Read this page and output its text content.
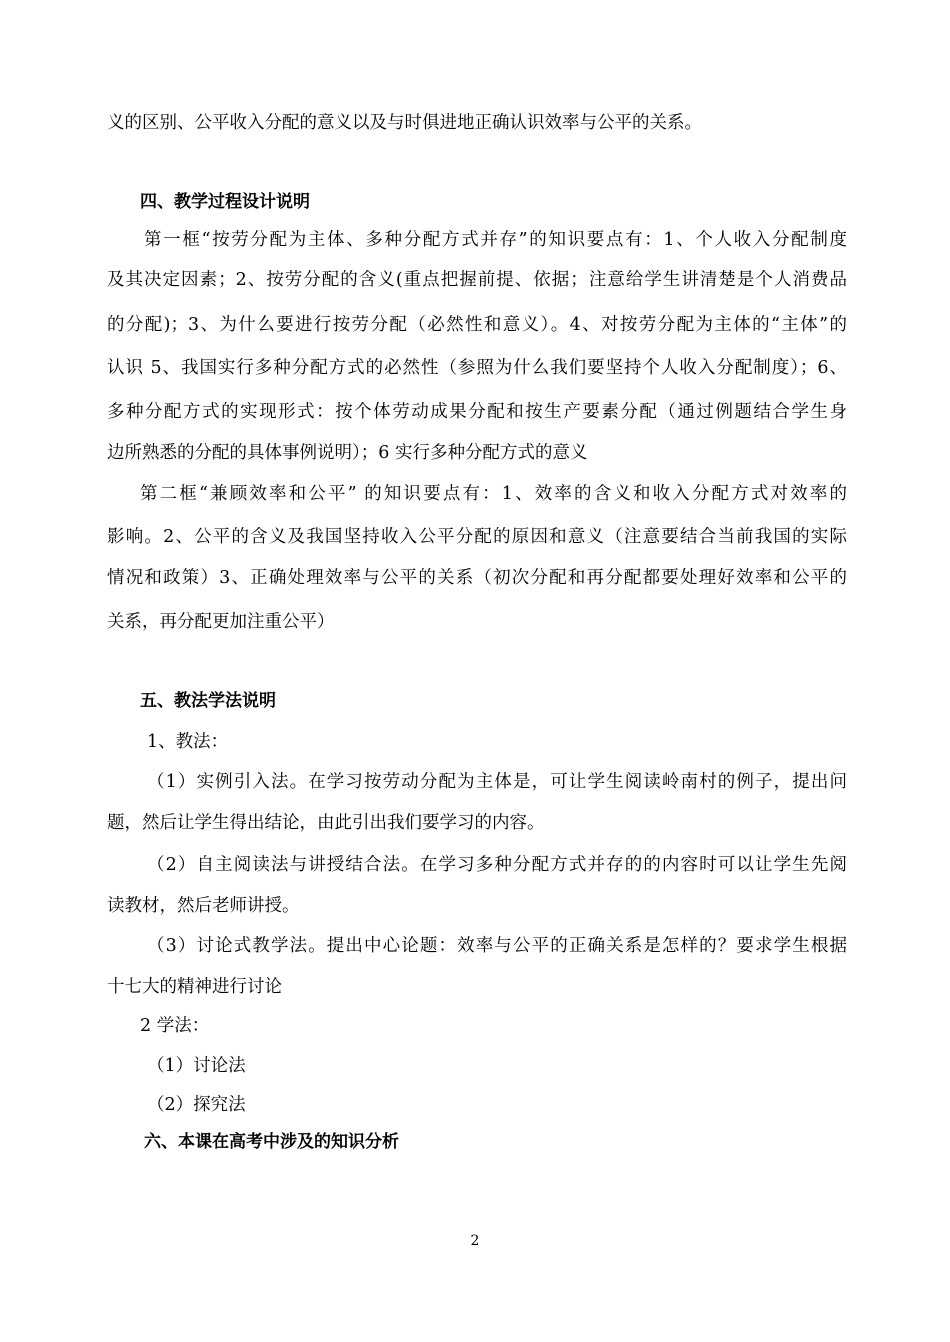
义的区别、公平收入分配的意义以及与时俱进地正确认识效率与公平的关系。
四、教学过程设计说明
第一框“按劳分配为主体、多种分配方式并存”的知识要点有：1、个人收入分配制度
及其决定因素；2、按劳分配的含义(重点把握前提、依据；注意给学生讲清楚是个人消费品
的分配)；3、为什么要进行按劳分配（必然性和意义）。4、对按劳分配为主体的“主体”的
认识 5、我国实行多种分配方式的必然性（参照为什么我们要坚持个人收入分配制度）；6、
多种分配方式的实现形式：按个体劳动成果分配和按生产要素分配（通过例题结合学生身
边所熟悉的分配的具体事例说明）；6 实行多种分配方式的意义
第二框“兼顾效率和公平” 的知识要点有：1、效率的含义和收入分配方式对效率的
影响。2、公平的含义及我国坚持收入公平分配的原因和意义（注意要结合当前我国的实际
情况和政策）3、正确处理效率与公平的关系（初次分配和再分配都要处理好效率和公平的
关系，再分配更加注重公平）
五、教法学法说明
1、教法：
（1）实例引入法。在学习按劳动分配为主体是，可让学生阅读岭南村的例子，提出问
题，然后让学生得出结论，由此引出我们要学习的内容。
（2）自主阅读法与讲授结合法。在学习多种分配方式并存的的内容时可以让学生先阅
读教材，然后老师讲授。
（3）讨论式教学法。提出中心论题：效率与公平的正确关系是怎样的？要求学生根据
十七大的精神进行讨论
2 学法：
（1）讨论法
（2）探究法
六、本课在高考中涉及的知识分析
2
